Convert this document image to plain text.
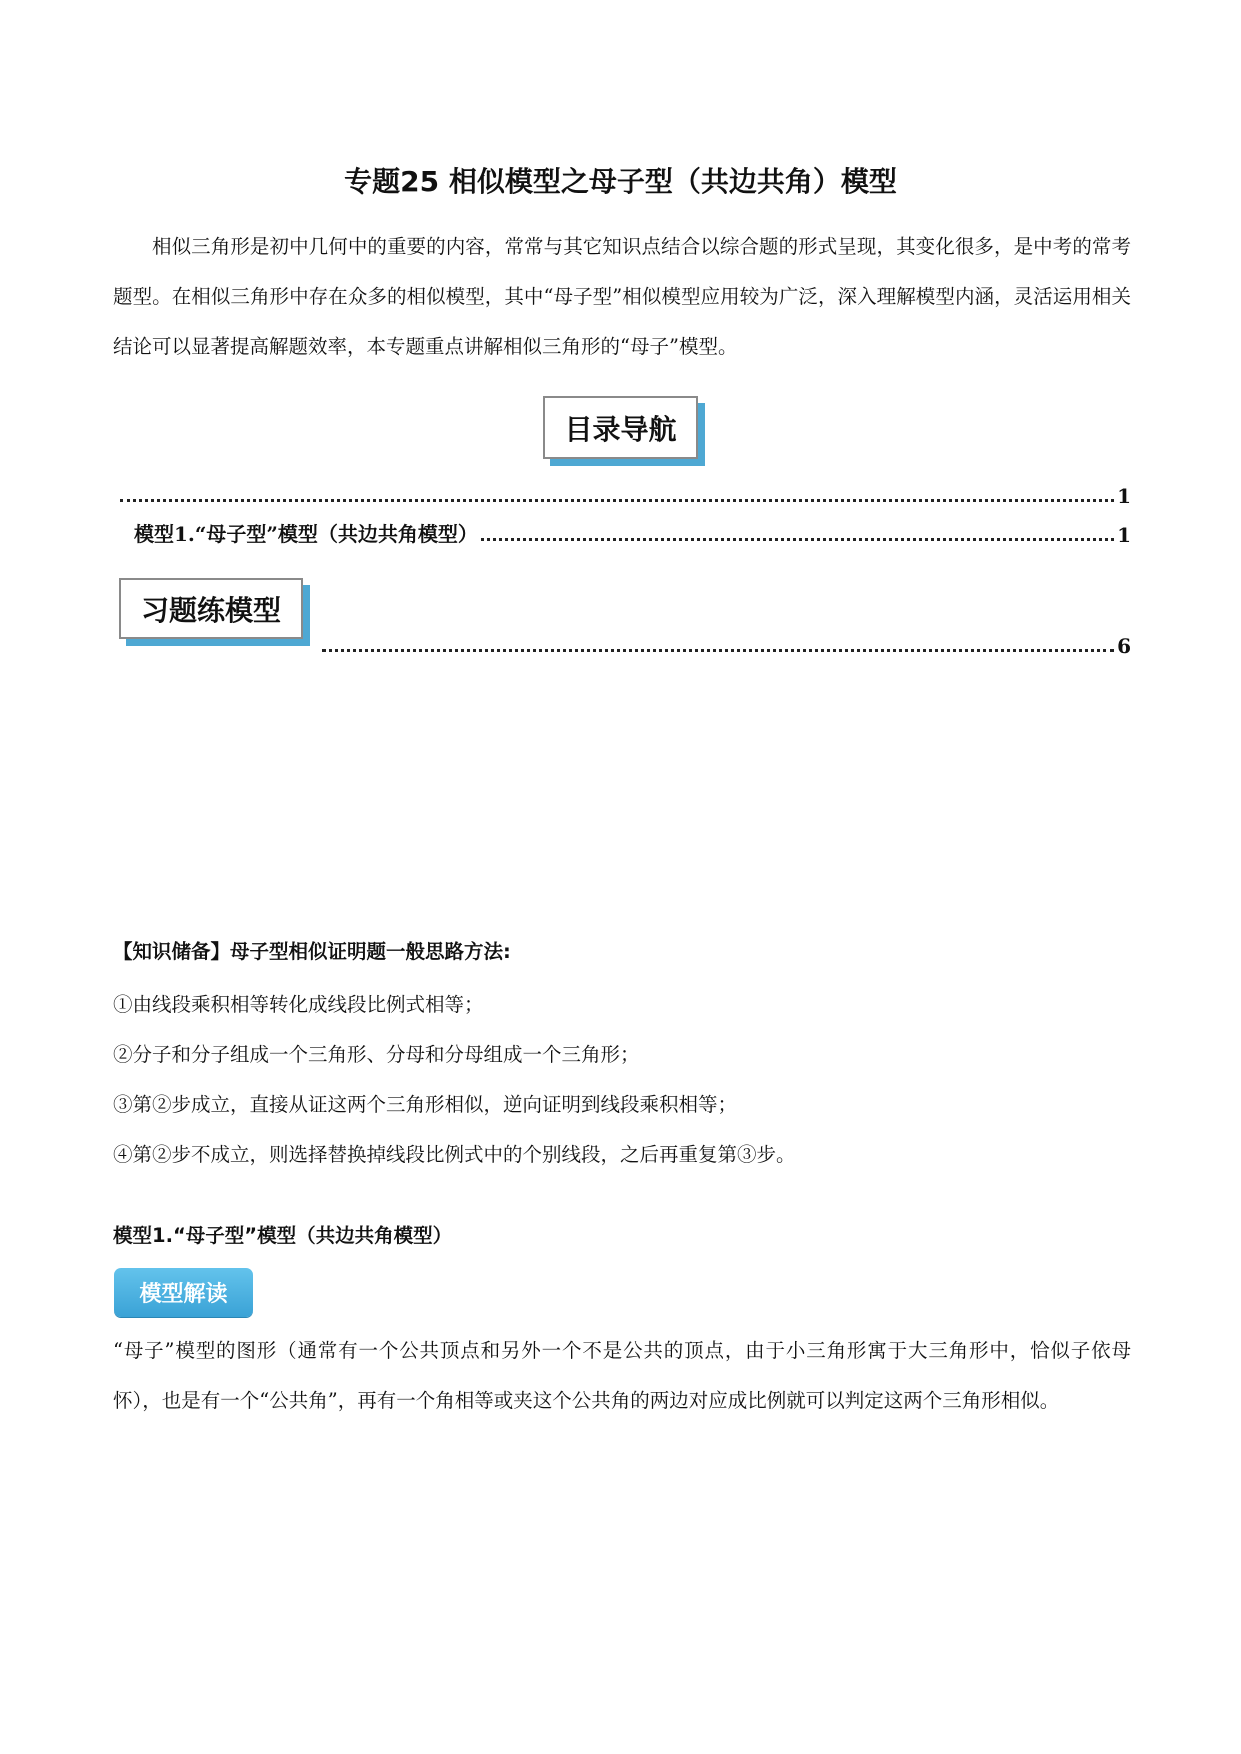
专题25 相似模型之母子型（共边共角）模型

相似三角形是初中几何中的重要的内容，常常与其它知识点结合以综合题的形式呈现，其变化很多，是中考的常考题型。在相似三角形中存在众多的相似模型，其中“母子型”相似模型应用较为广泛，深入理解模型内涵，灵活运用相关结论可以显著提高解题效率，本专题重点讲解相似三角形的“母子”模型。

目录导航
1
模型1.“母子型”模型（共边共角模型）	1
习题练模型
6
【知识储备】母子型相似证明题一般思路方法:
①由线段乘积相等转化成线段比例式相等；
②分子和分子组成一个三角形、分母和分母组成一个三角形；
③第②步成立，直接从证这两个三角形相似，逆向证明到线段乘积相等；
④第②步不成立，则选择替换掉线段比例式中的个别线段，之后再重复第③步。
模型1.“母子型”模型（共边共角模型）
模型解读

“母子”模型的图形（通常有一个公共顶点和另外一个不是公共的顶点，由于小三角形寓于大三角形中，恰似子依母怀），也是有一个“公共角”，再有一个角相等或夹这个公共角的两边对应成比例就可以判定这两个三角形相似。
